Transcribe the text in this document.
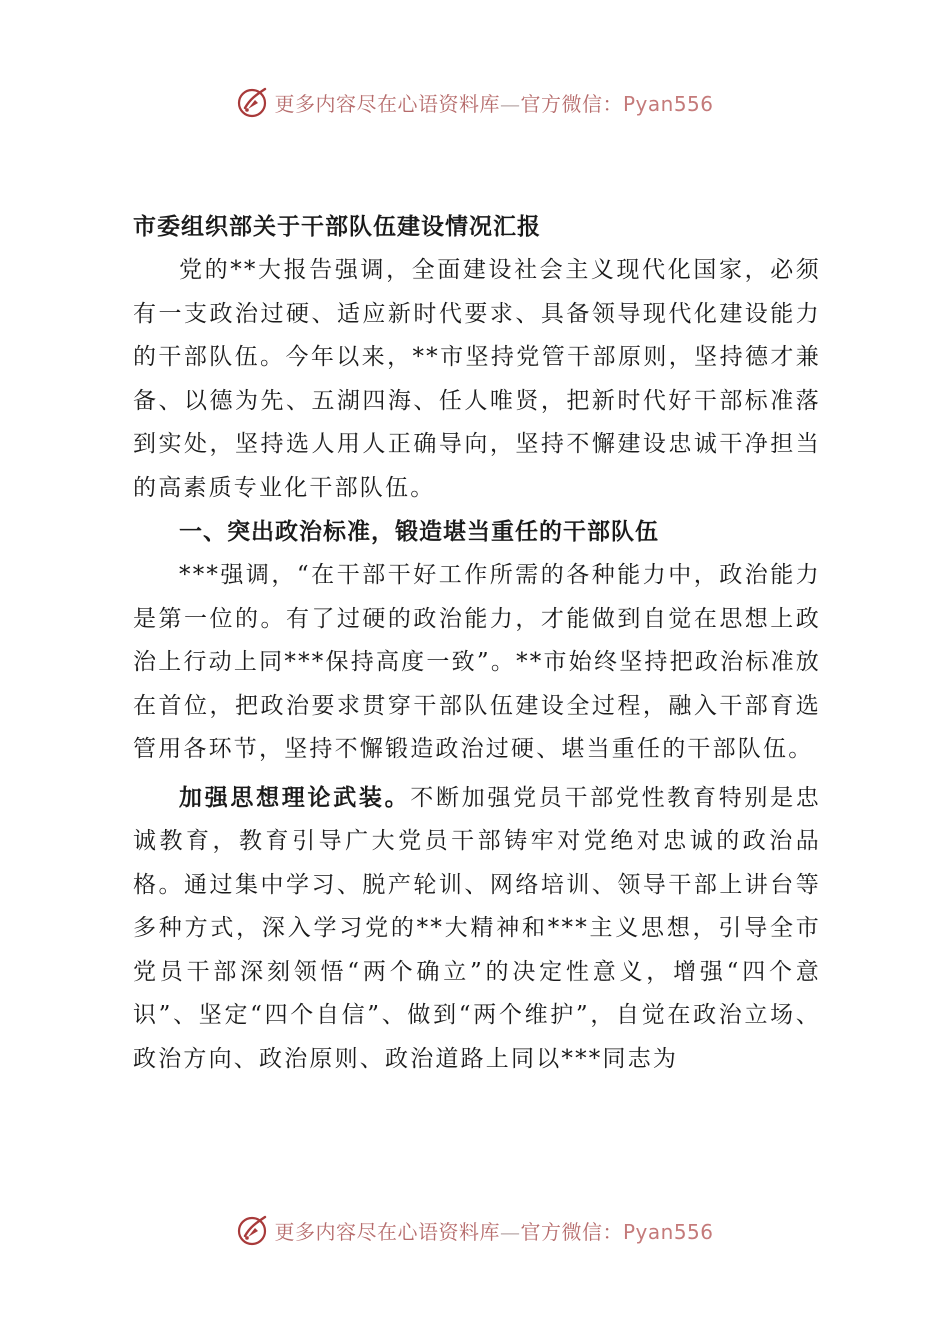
更多内容尽在心语资料库—官方微信：Pyan556

市委组织部关于干部队伍建设情况汇报

党的**大报告强调，全面建设社会主义现代化国家，必须有一支政治过硬、适应新时代要求、具备领导现代化建设能力的干部队伍。今年以来，**市坚持党管干部原则，坚持德才兼备、以德为先、五湖四海、任人唯贤，把新时代好干部标准落到实处，坚持选人用人正确导向，坚持不懈建设忠诚干净担当的高素质专业化干部队伍。

一、突出政治标准，锻造堪当重任的干部队伍

***强调，“在干部干好工作所需的各种能力中，政治能力是第一位的。有了过硬的政治能力，才能做到自觉在思想上政治上行动上同***保持高度一致”。**市始终坚持把政治标准放在首位，把政治要求贯穿干部队伍建设全过程，融入干部育选管用各环节，坚持不懈锻造政治过硬、堪当重任的干部队伍。

加强思想理论武装。不断加强党员干部党性教育特别是忠诚教育，教育引导广大党员干部铸牢对党绝对忠诚的政治品格。通过集中学习、脱产轮训、网络培训、领导干部上讲台等多种方式，深入学习党的**大精神和***主义思想，引导全市党员干部深刻领悟“两个确立”的决定性意义，增强“四个意识”、坚定“四个自信”、做到“两个维护”，自觉在政治立场、政治方向、政治原则、政治道路上同以***同志为

更多内容尽在心语资料库—官方微信：Pyan556
